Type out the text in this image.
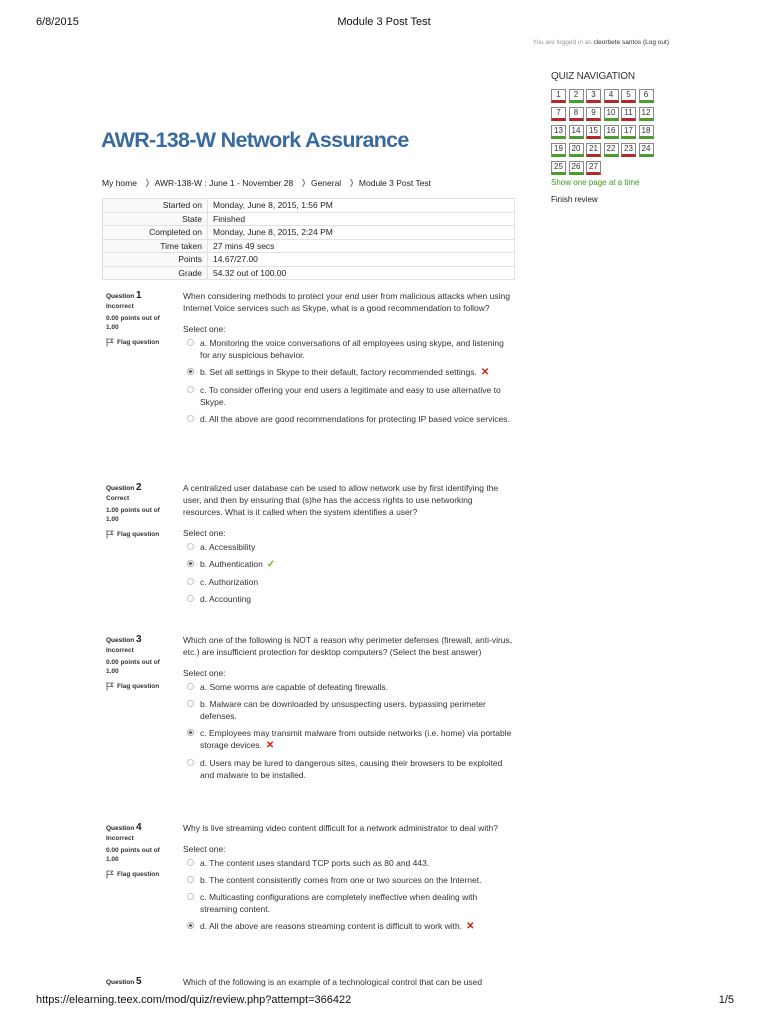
6/8/2015	Module 3 Post Test
You are logged in as cleorbete santos (Log out)
AWR-138-W Network Assurance
My home ❭ AWR-138-W : June 1 - November 28 ❭ General ❭ Module 3 Post Test
Started on	Monday, June 8, 2015, 1:56 PM
State	Finished
Completed on	Monday, June 8, 2015, 2:24 PM
Time taken	27 mins 49 secs
Points	14.67/27.00
Grade	54.32 out of 100.00
Question 1
Incorrect
0.00 points out of 1.00
Flag question
When considering methods to protect your end user from malicious attacks when using Internet Voice services such as Skype, what is a good recommendation to follow?
Select one:
a. Monitoring the voice conversations of all employees using skype, and listening for any suspicious behavior.
b. Set all settings in Skype to their default, factory recommended settings. ✕
c. To consider offering your end users a legitimate and easy to use alternative to Skype.
d. All the above are good recommendations for protecting IP based voice services.
Question 2
Correct
1.00 points out of 1.00
Flag question
A centralized user database can be used to allow network use by first identifying the user, and then by ensuring that (s)he has the access rights to use networking resources. What is it called when the system identifies a user?
Select one:
a. Accessibility
b. Authentication ✓
c. Authorization
d. Accounting
Question 3
Incorrect
0.00 points out of 1.00
Flag question
Which one of the following is NOT a reason why perimeter defenses (firewall, anti-virus, etc.) are insufficient protection for desktop computers? (Select the best answer)
Select one:
a. Some worms are capable of defeating firewalls.
b. Malware can be downloaded by unsuspecting users, bypassing perimeter defenses.
c. Employees may transmit malware from outside networks (i.e. home) via portable storage devices. ✕
d. Users may be lured to dangerous sites, causing their browsers to be exploited and malware to be installed.
Question 4
Incorrect
0.00 points out of 1.00
Flag question
Why is live streaming video content difficult for a network administrator to deal with?
Select one:
a. The content uses standard TCP ports such as 80 and 443.
b. The content consistently comes from one or two sources on the Internet.
c. Multicasting configurations are completely ineffective when dealing with streaming content.
d. All the above are reasons streaming content is difficult to work with. ✕
Question 5	Which of the following is an example of a technological control that can be used
QUIZ NAVIGATION
1	2	3	4	5	6
7	8	9	10	11	12
13	14	15	16	17	18
19	20	21	22	23	24
25	26	27
Show one page at a time
Finish review
https://elearning.teex.com/mod/quiz/review.php?attempt=366422	1/5
